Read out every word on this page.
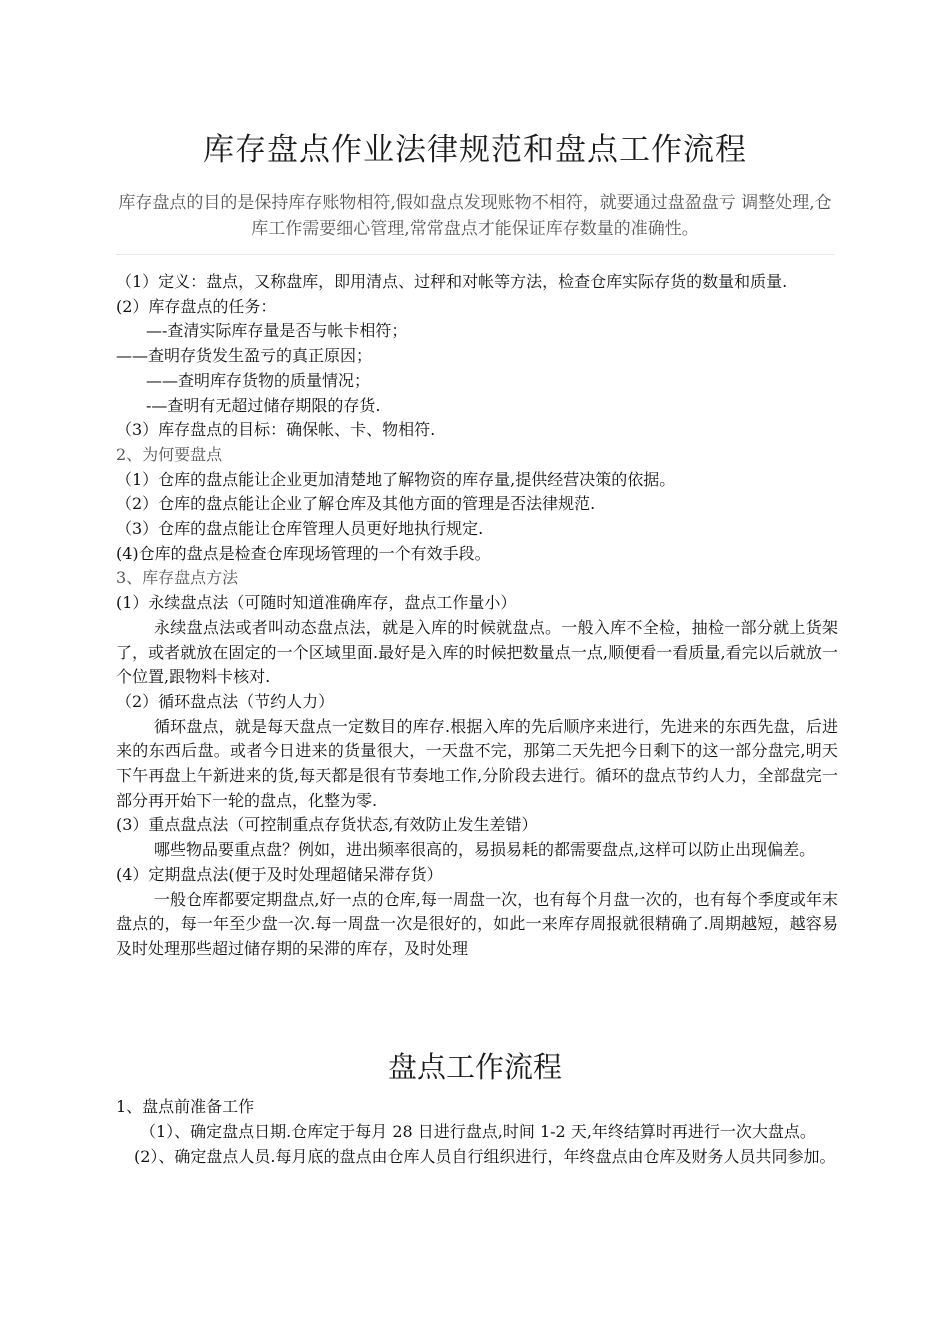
库存盘点作业法律规范和盘点工作流程
库存盘点的目的是保持库存账物相符,假如盘点发现账物不相符，就要通过盘盈盘亏 调整处理,仓库工作需要细心管理,常常盘点才能保证库存数量的准确性。

（1）定义：盘点，又称盘库，即用清点、过秤和对帐等方法，检查仓库实际存货的数量和质量.

(2）库存盘点的任务：

—-查清实际库存量是否与帐卡相符；

——查明存货发生盈亏的真正原因；

——查明库存货物的质量情况；

-—查明有无超过储存期限的存货.

（3）库存盘点的目标：确保帐、卡、物相符.

2、为何要盘点

（1）仓库的盘点能让企业更加清楚地了解物资的库存量,提供经营决策的依据。

（2）仓库的盘点能让企业了解仓库及其他方面的管理是否法律规范.

（3）仓库的盘点能让仓库管理人员更好地执行规定.

(4)仓库的盘点是检查仓库现场管理的一个有效手段。

3、库存盘点方法

(1）永续盘点法（可随时知道准确库存，盘点工作量小）

永续盘点法或者叫动态盘点法，就是入库的时候就盘点。一般入库不全检，抽检一部分就上货架了，或者就放在固定的一个区域里面.最好是入库的时候把数量点一点,顺便看一看质量,看完以后就放一个位置,跟物料卡核对.

（2）循环盘点法（节约人力）

循环盘点，就是每天盘点一定数目的库存.根据入库的先后顺序来进行，先进来的东西先盘，后进来的东西后盘。或者今日进来的货量很大，一天盘不完，那第二天先把今日剩下的这一部分盘完,明天下午再盘上午新进来的货,每天都是很有节奏地工作,分阶段去进行。循环的盘点节约人力，全部盘完一部分再开始下一轮的盘点，化整为零.

(3）重点盘点法（可控制重点存货状态,有效防止发生差错）

哪些物品要重点盘？例如，进出频率很高的，易损易耗的都需要盘点,这样可以防止出现偏差。

(4）定期盘点法(便于及时处理超储呆滞存货）

一般仓库都要定期盘点,好一点的仓库,每一周盘一次，也有每个月盘一次的，也有每个季度或年末盘点的，每一年至少盘一次.每一周盘一次是很好的，如此一来库存周报就很精确了.周期越短，越容易及时处理那些超过储存期的呆滞的库存，及时处理

盘点工作流程

1、盘点前准备工作

（1）、确定盘点日期.仓库定于每月 28 日进行盘点,时间 1-2 天,年终结算时再进行一次大盘点。

(2）、确定盘点人员.每月底的盘点由仓库人员自行组织进行，年终盘点由仓库及财务人员共同参加。
